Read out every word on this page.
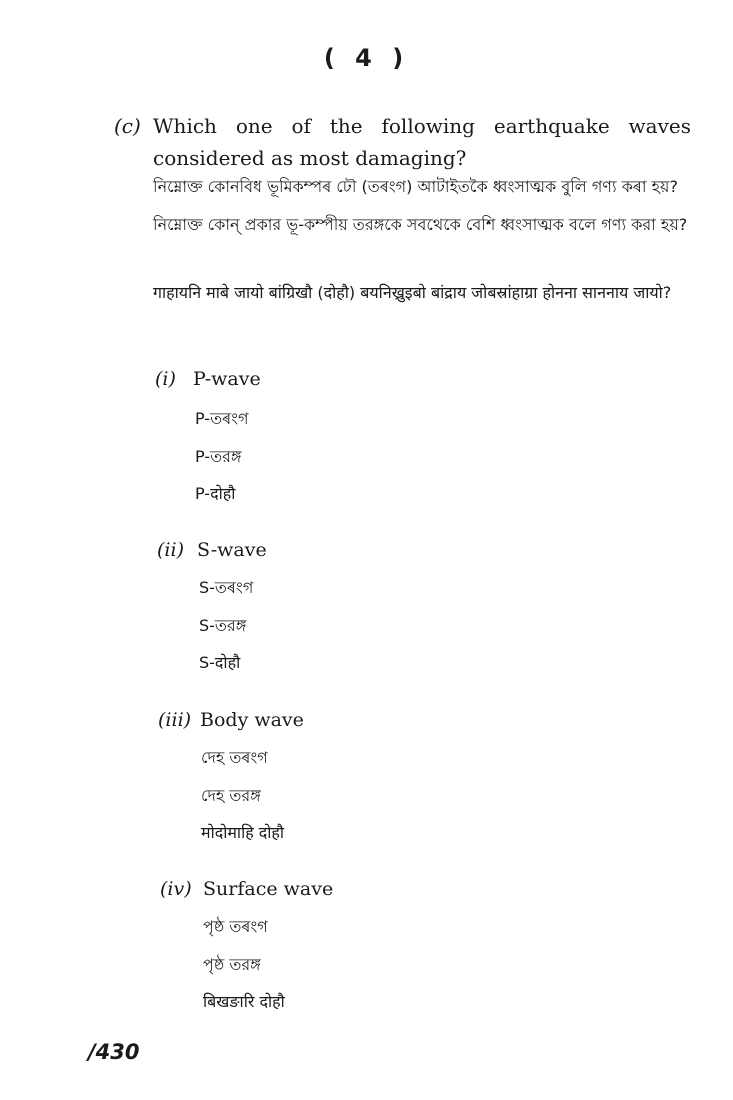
( 4 )
(c) Which one of the following earthquake waves considered as most damaging?
নিম্নোক্ত কোনবিধ ভূমিকম্পৰ ঢৌ (তৰংগ) আটাইতকৈ ধ্বংসাত্মক বুলি গণ্য কৰা হয়?
নিম্নোক্ত কোন্ প্রকার ভূ-কম্পীয় তরঙ্গকে সবথেকে বেশি ধ্বংসাত্মক বলে গণ্য করা হয়?
गाहायनि माबे जायो बांग्रिखौ (दोहौ) बयनिख्रुइबो बांद्राय जोबस्रांहाग्रा होनना साननाय जायो?
(i) P-wave
P-তৰংগ
P-তরঙ্গ
P-दोहौ
(ii) S-wave
S-তৰংগ
S-তরঙ্গ
S-दोहौ
(iii) Body wave
দেহ তৰংগ
দেহ তরঙ্গ
मोदोमाहि दोहौ
(iv) Surface wave
পৃষ্ঠ তৰংগ
পৃষ্ঠ তরঙ্গ
बिखङारि दोहौ
/430
